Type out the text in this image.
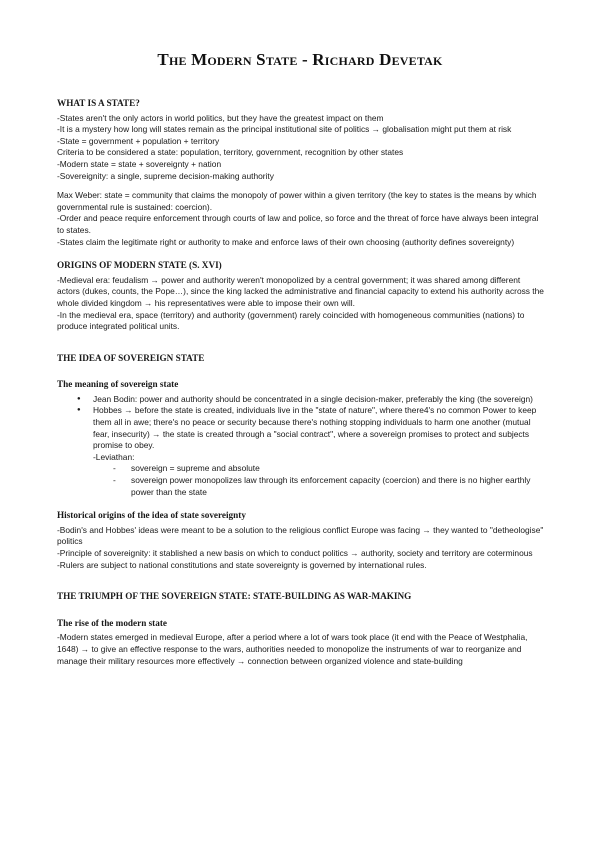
The Modern State - Richard Devetak
WHAT IS A STATE?

-States aren't the only actors in world politics, but they have the greatest impact on them

-It is a mystery how long will states remain as the principal institutional site of politics → globalisation might put them at risk

-State = government + population + territory

Criteria to be considered a state: population, territory, government, recognition by other states

-Modern state = state + sovereignty + nation

-Sovereignity: a single, supreme decision-making authority

Max Weber: state = community that claims the monopoly of power within a given territory (the key to states is the means by which governmental rule is sustained: coercion).

-Order and peace require enforcement through courts of law and police, so force and the threat of force have always been integral to states.

-States claim the legitimate right or authority to make and enforce laws of their own choosing (authority defines sovereignty)

ORIGINS OF MODERN STATE (S. XVI)

-Medieval era: feudalism → power and authority weren't monopolized by a central government; it was shared among different actors (dukes, counts, the Pope…), since the king lacked the administrative and financial capacity to extend his authority across the whole divided kingdom → his representatives were able to impose their own will.

-In the medieval era, space (territory) and authority (government) rarely coincided with homogeneous communities (nations) to produce integrated political units.

THE IDEA OF SOVEREIGN STATE
The meaning of sovereign state
● Jean Bodin: power and authority should be concentrated in a single decision-maker, preferably the king (the sovereign)
● Hobbes → before the state is created, individuals live in the "state of nature", where there4's no common Power to keep them all in awe; there's no peace or security because there's nothing stopping individuals to harm one another (mutual fear, insecurity) → the state is created through a "social contract", where a sovereign promises to protect and subjects promise to obey.
-Leviathan:
- sovereign = supreme and absolute
- sovereign power monopolizes law through its enforcement capacity (coercion) and there is no higher earthly power than the state
Historical origins of the idea of state sovereignty

-Bodin's and Hobbes' ideas were meant to be a solution to the religious conflict Europe was facing → they wanted to "detheologise" politics

-Principle of sovereignity: it stablished a new basis on which to conduct politics → authority, society and territory are coterminous

-Rulers are subject to national constitutions and state sovereignty is governed by international rules.

THE TRIUMPH OF THE SOVEREIGN STATE: STATE-BUILDING AS WAR-MAKING
The rise of the modern state

-Modern states emerged in medieval Europe, after a period where a lot of wars took place (it end with the Peace of Westphalia, 1648) → to give an effective response to the wars, authorities needed to monopolize the instruments of war to reorganize and manage their military resources more effectively → connection between organized violence and state-building
